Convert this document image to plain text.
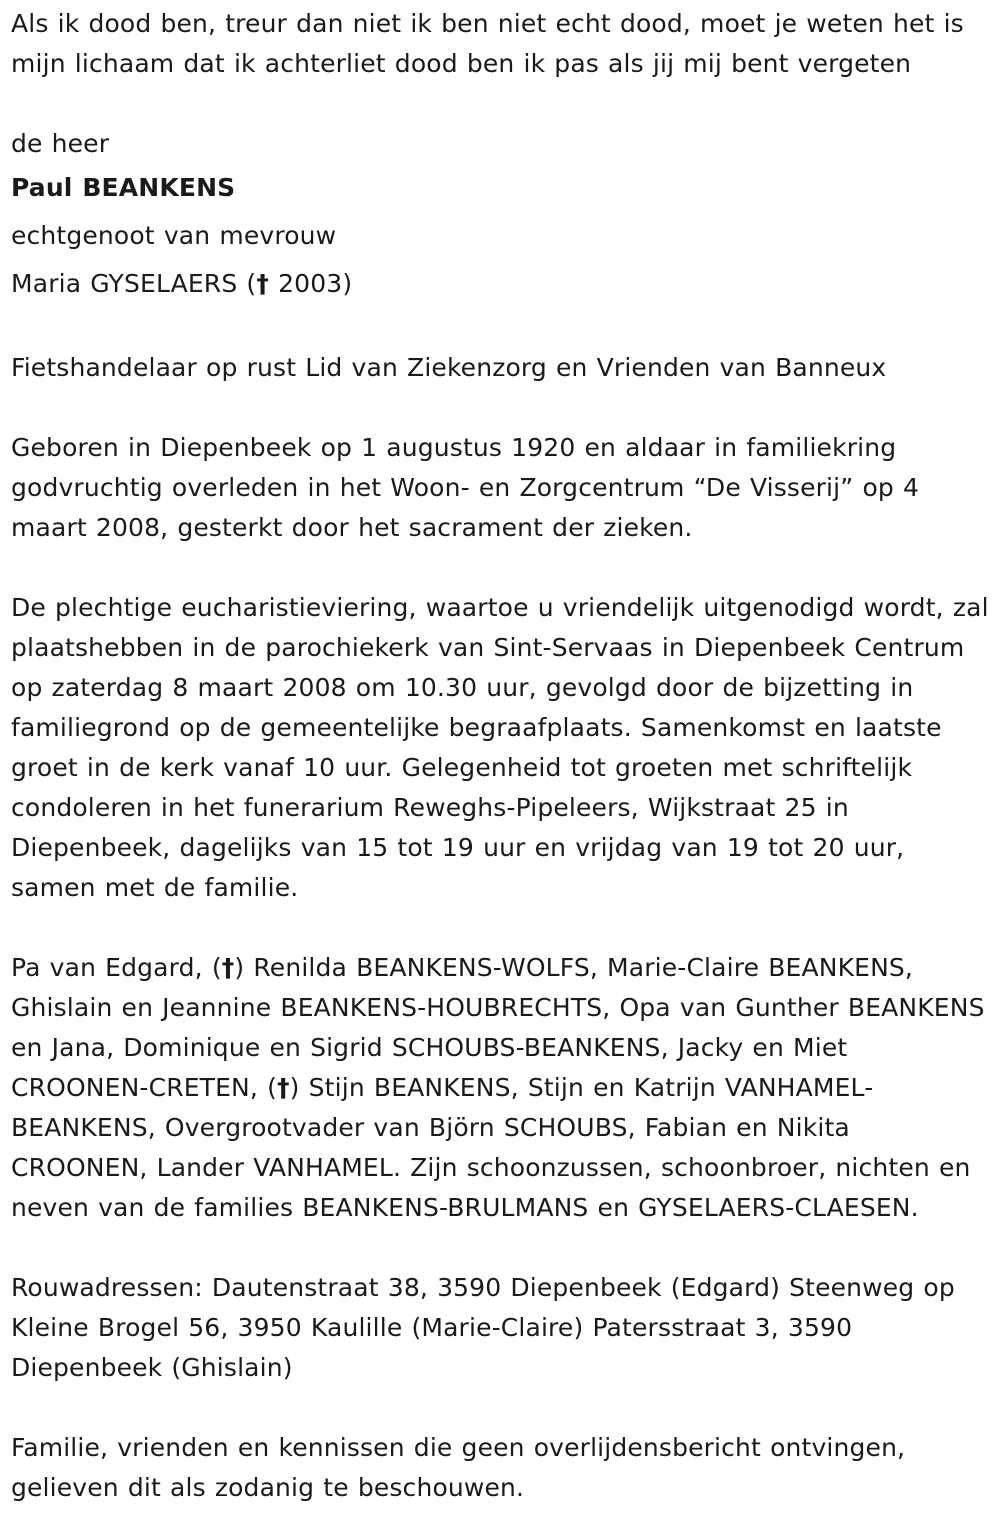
Als ik dood ben, treur dan niet ik ben niet echt dood, moet je weten het is mijn lichaam dat ik achterliet dood ben ik pas als jij mij bent vergeten

de heer

Paul BEANKENS

echtgenoot van mevrouw

Maria GYSELAERS († 2003)

Fietshandelaar op rust Lid van Ziekenzorg en Vrienden van Banneux

Geboren in Diepenbeek op 1 augustus 1920 en aldaar in familiekring godvruchtig overleden in het Woon- en Zorgcentrum “De Visserij” op 4 maart 2008, gesterkt door het sacrament der zieken.

De plechtige eucharistieviering, waartoe u vriendelijk uitgenodigd wordt, zal plaatshebben in de parochiekerk van Sint-Servaas in Diepenbeek Centrum op zaterdag 8 maart 2008 om 10.30 uur, gevolgd door de bijzetting in familiegrond op de gemeentelijke begraafplaats. Samenkomst en laatste groet in de kerk vanaf 10 uur. Gelegenheid tot groeten met schriftelijk condoleren in het funerarium Reweghs-Pipeleers, Wijkstraat 25 in Diepenbeek, dagelijks van 15 tot 19 uur en vrijdag van 19 tot 20 uur, samen met de familie.

Pa van Edgard, (†) Renilda BEANKENS-WOLFS, Marie-Claire BEANKENS, Ghislain en Jeannine BEANKENS-HOUBRECHTS, Opa van Gunther BEANKENS en Jana, Dominique en Sigrid SCHOUBS-BEANKENS, Jacky en Miet CROONEN-CRETEN, (†) Stijn BEANKENS, Stijn en Katrijn VANHAMEL-BEANKENS, Overgrootvader van Björn SCHOUBS, Fabian en Nikita CROONEN, Lander VANHAMEL. Zijn schoonzussen, schoonbroer, nichten en neven van de families BEANKENS-BRULMANS en GYSELAERS-CLAESEN.

Rouwadressen: Dautenstraat 38, 3590 Diepenbeek (Edgard) Steenweg op Kleine Brogel 56, 3950 Kaulille (Marie-Claire) Patersstraat 3, 3590 Diepenbeek (Ghislain)

Familie, vrienden en kennissen die geen overlijdensbericht ontvingen, gelieven dit als zodanig te beschouwen.
